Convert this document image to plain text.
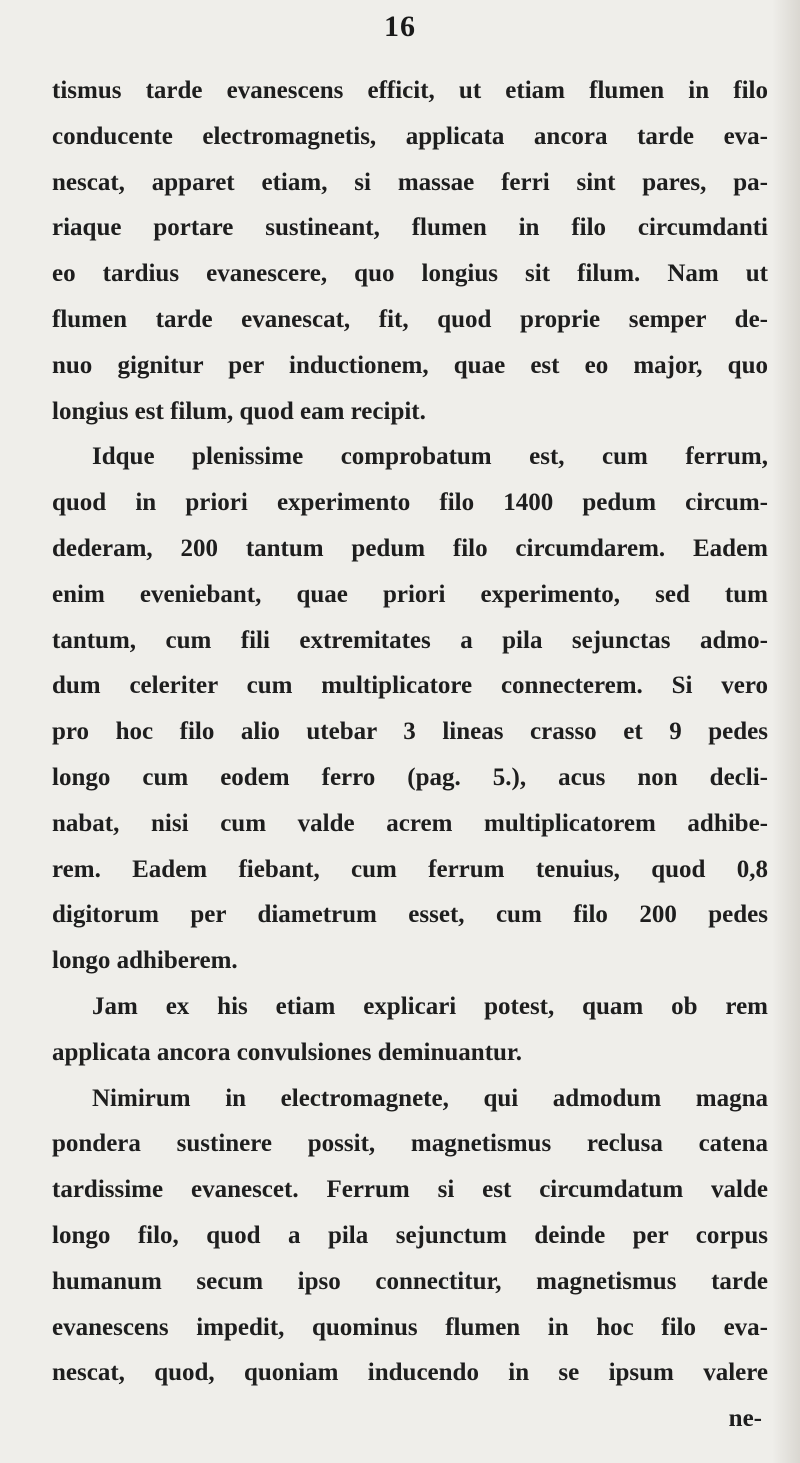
16
tismus tarde evanescens efficit, ut etiam flumen in filo
conducente electromagnetis, applicata ancora tarde eva-
nescat, apparet etiam, si massae ferri sint pares, pa-
riaque portare sustineant, flumen in filo circumdanti
eo tardius evanescere, quo longius sit filum. Nam ut
flumen tarde evanescat, fit, quod proprie semper de-
nuo gignitur per inductionem, quae est eo major, quo
longius est filum, quod eam recipit.
Idque plenissime comprobatum est, cum ferrum,
quod in priori experimento filo 1400 pedum circum-
dederam, 200 tantum pedum filo circumdarem. Eadem
enim eveniebant, quae priori experimento, sed tum
tantum, cum fili extremitates a pila sejunctas admo-
dum celeriter cum multiplicatore connecterem. Si vero
pro hoc filo alio utebar 3 lineas crasso et 9 pedes
longo cum eodem ferro (pag. 5.), acus non decli-
nabat, nisi cum valde acrem multiplicatorem adhibe-
rem. Eadem fiebant, cum ferrum tenuius, quod 0,8
digitorum per diametrum esset, cum filo 200 pedes
longo adhiberem.
Jam ex his etiam explicari potest, quam ob rem
applicata ancora convulsiones deminuantur.
Nimirum in electromagnete, qui admodum magna
pondera sustinere possit, magnetismus reclusa catena
tardissime evanescet. Ferrum si est circumdatum valde
longo filo, quod a pila sejunctum deinde per corpus
humanum secum ipso connectitur, magnetismus tarde
evanescens impedit, quominus flumen in hoc filo eva-
nescat, quod, quoniam inducendo in se ipsum valere
ne-
